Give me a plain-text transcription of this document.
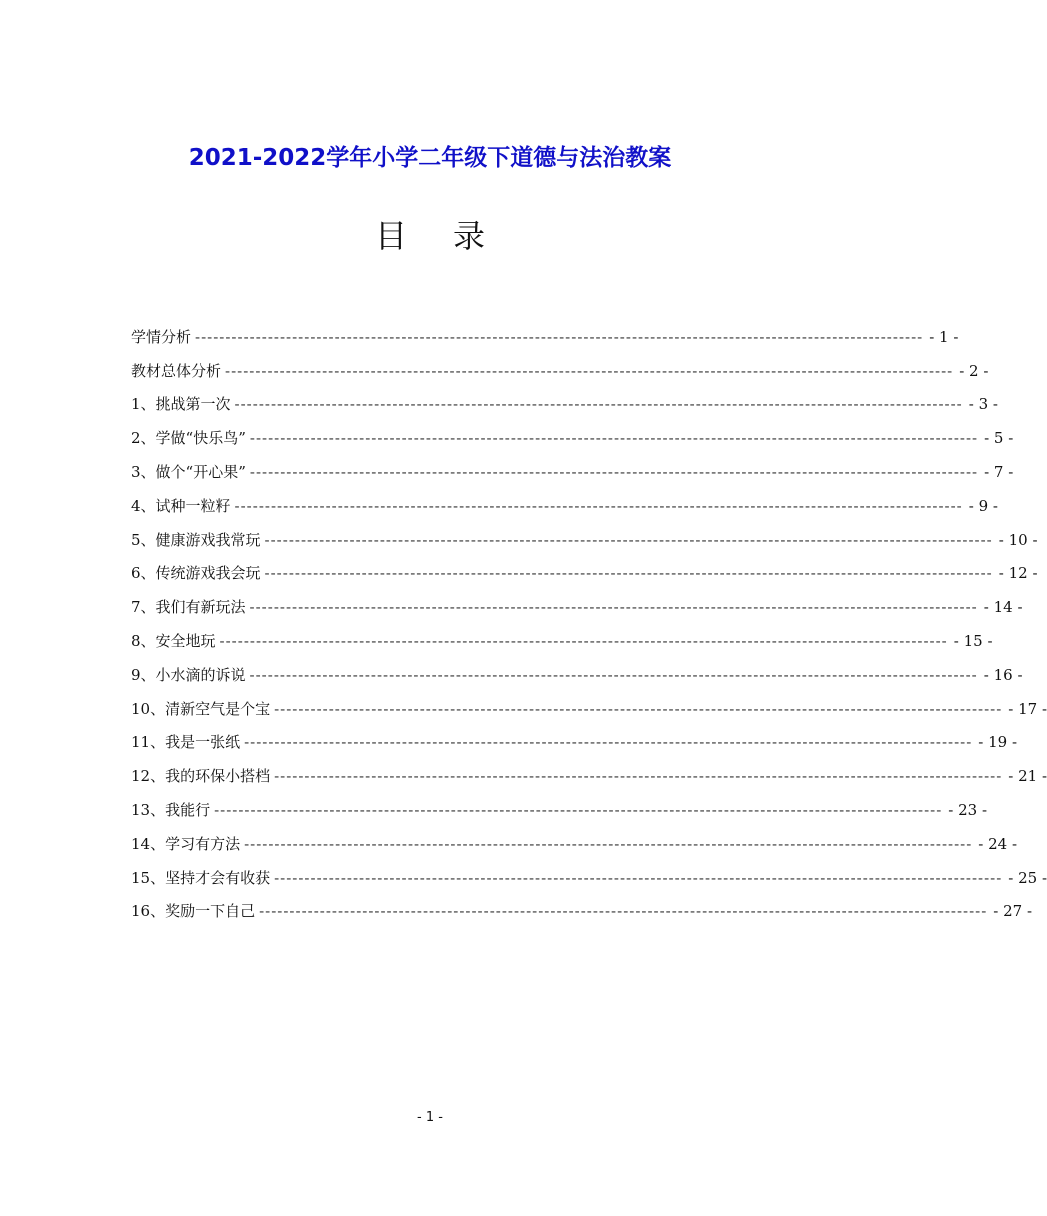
2021-2022学年小学二年级下道德与法治教案
目录
学情分析 ------------------------------------------------------------------------------------------------------------------------ - 1 -
教材总体分析 ------------------------------------------------------------------------------------------------------------------------ - 2 -
1、挑战第一次 ------------------------------------------------------------------------------------------------------------------------ - 3 -
2、学做“快乐鸟” ------------------------------------------------------------------------------------------------------------------------ - 5 -
3、做个“开心果” ------------------------------------------------------------------------------------------------------------------------ - 7 -
4、试种一粒籽 ------------------------------------------------------------------------------------------------------------------------ - 9 -
5、健康游戏我常玩 ------------------------------------------------------------------------------------------------------------------------ - 10 -
6、传统游戏我会玩 ------------------------------------------------------------------------------------------------------------------------ - 12 -
7、我们有新玩法 ------------------------------------------------------------------------------------------------------------------------ - 14 -
8、安全地玩 ------------------------------------------------------------------------------------------------------------------------ - 15 -
9、小水滴的诉说 ------------------------------------------------------------------------------------------------------------------------ - 16 -
10、清新空气是个宝 ------------------------------------------------------------------------------------------------------------------------ - 17 -
11、我是一张纸 ------------------------------------------------------------------------------------------------------------------------ - 19 -
12、我的环保小搭档 ------------------------------------------------------------------------------------------------------------------------ - 21 -
13、我能行 ------------------------------------------------------------------------------------------------------------------------ - 23 -
14、学习有方法 ------------------------------------------------------------------------------------------------------------------------ - 24 -
15、坚持才会有收获 ------------------------------------------------------------------------------------------------------------------------ - 25 -
16、奖励一下自己 ------------------------------------------------------------------------------------------------------------------------ - 27 -
- 1 -
